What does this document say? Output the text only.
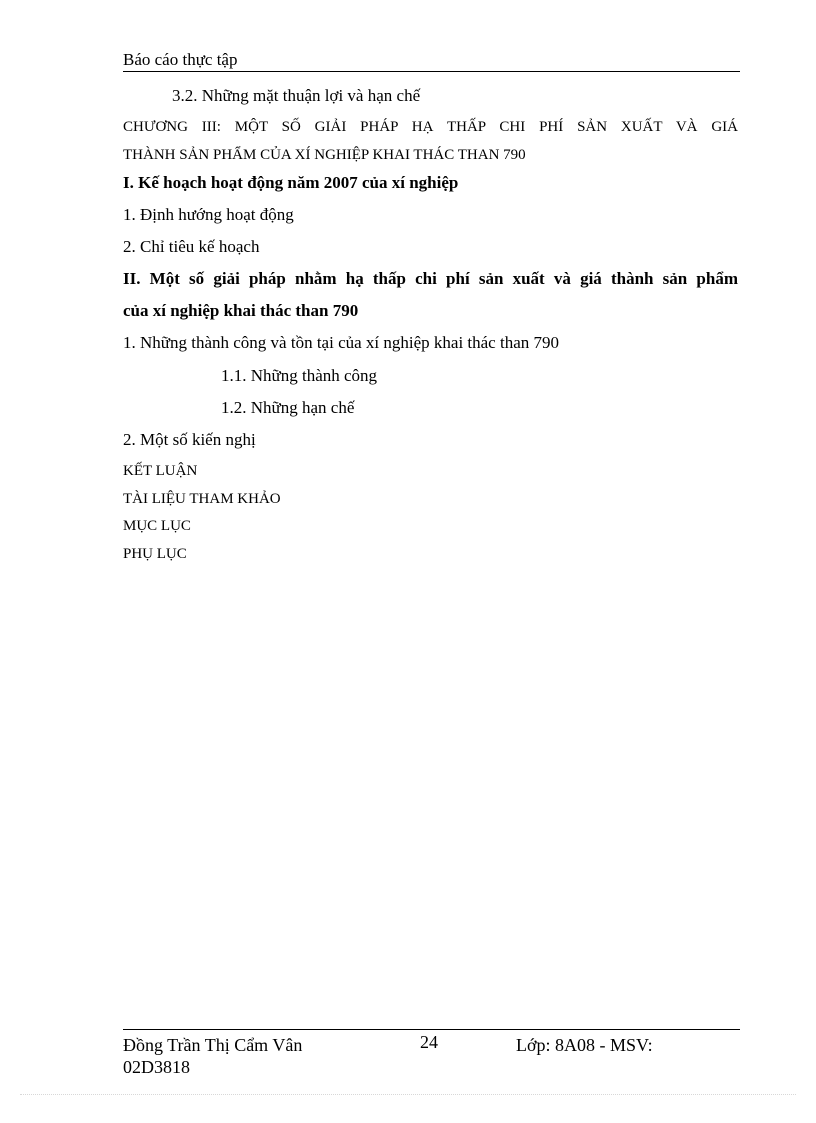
Báo cáo thực tập
3.2. Những mặt thuận lợi và hạn chế
CHƯƠNG III: MỘT SỐ GIẢI PHÁP HẠ THẤP CHI PHÍ SẢN XUẤT VÀ GIÁ
THÀNH SẢN PHẨM CỦA XÍ NGHIỆP KHAI THÁC THAN 790
I. Kế hoạch hoạt động năm 2007 của xí nghiệp
1. Định hướng hoạt động
2. Chỉ tiêu kế hoạch
II. Một số giải pháp nhằm hạ thấp chi phí sản xuất và giá thành sản phẩm
của xí nghiệp khai thác than 790
1. Những thành công và tồn tại của xí nghiệp khai thác than 790
1.1. Những thành công
1.2. Những hạn chế
2. Một số kiến nghị
KẾT LUẬN
TÀI LIỆU THAM KHẢO
MỤC LỤC
PHỤ LỤC
Đồng Trần Thị Cẩm Vân
02D3818
24	Lớp: 8A08 - MSV:
